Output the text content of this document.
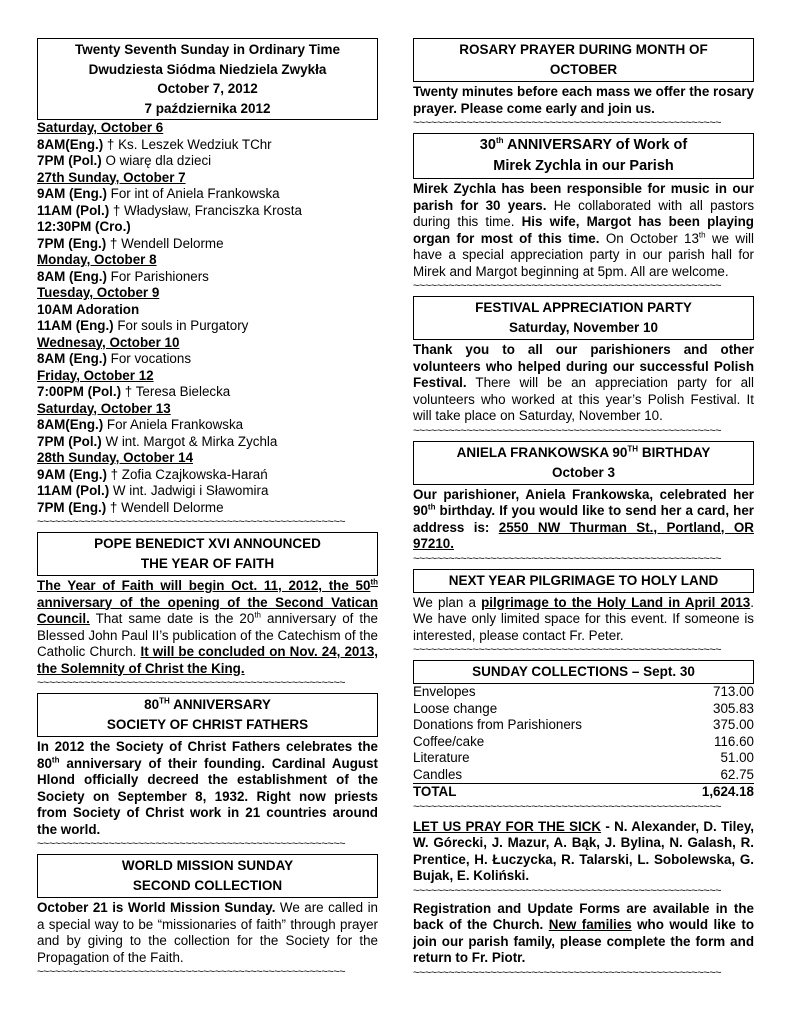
Twenty Seventh Sunday in Ordinary Time
Dwudziesta Siódma Niedziela Zwykła
October 7, 2012
7 października 2012
Saturday, October 6
8AM(Eng.) † Ks. Leszek Wedziuk TChr
7PM (Pol.) O wiarę dla dzieci
27th Sunday, October 7
9AM (Eng.) For int of Aniela Frankowska
11AM (Pol.) † Władysław, Franciszka Krosta
12:30PM (Cro.)
7PM (Eng.) † Wendell Delorme
Monday, October 8
8AM (Eng.) For Parishioners
Tuesday, October 9
10AM Adoration
11AM (Eng.) For souls in Purgatory
Wednesay, October 10
8AM (Eng.) For vocations
Friday, October 12
7:00PM (Pol.) † Teresa Bielecka
Saturday, October 13
8AM(Eng.) For Aniela Frankowska
7PM (Pol.) W int. Margot & Mirka Zychla
28th Sunday, October 14
9AM (Eng.) † Zofia Czajkowska-Harań
11AM (Pol.) W int. Jadwigi i Sławomira
7PM (Eng.) † Wendell Delorme
~~~~~~~~~~~~~~~~~~~~~~~~~~~~~~~~~~~~~~~~~~~~~~~~~~~~
POPE BENEDICT XVI ANNOUNCED
THE YEAR OF FAITH
The Year of Faith will begin Oct. 11, 2012, the 50th anniversary of the opening of the Second Vatican Council. That same date is the 20th anniversary of the Blessed John Paul II’s publication of the Catechism of the Catholic Church. It will be concluded on Nov. 24, 2013, the Solemnity of Christ the King.
~~~~~~~~~~~~~~~~~~~~~~~~~~~~~~~~~~~~~~~~~~~~~~~~~~~~
80TH ANNIVERSARY
SOCIETY OF CHRIST FATHERS
In 2012 the Society of Christ Fathers celebrates the 80th anniversary of their founding. Cardinal August Hlond officially decreed the establishment of the Society on September 8, 1932. Right now priests from Society of Christ work in 21 countries around the world.
~~~~~~~~~~~~~~~~~~~~~~~~~~~~~~~~~~~~~~~~~~~~~~~~~~~~
WORLD MISSION SUNDAY
SECOND COLLECTION
October 21 is World Mission Sunday. We are called in a special way to be “missionaries of faith” through prayer and by giving to the collection for the Society for the Propagation of the Faith.
~~~~~~~~~~~~~~~~~~~~~~~~~~~~~~~~~~~~~~~~~~~~~~~~~~~~
ROSARY PRAYER DURING MONTH OF
OCTOBER
Twenty minutes before each mass we offer the rosary prayer. Please come early and join us.
~~~~~~~~~~~~~~~~~~~~~~~~~~~~~~~~~~~~~~~~~~~~~~~~~~~~
30th ANNIVERSARY of Work of
Mirek Zychla in our Parish
Mirek Zychla has been responsible for music in our parish for 30 years. He collaborated with all pastors during this time. His wife, Margot has been playing organ for most of this time. On October 13th we will have a special appreciation party in our parish hall for Mirek and Margot beginning at 5pm. All are welcome.
~~~~~~~~~~~~~~~~~~~~~~~~~~~~~~~~~~~~~~~~~~~~~~~~~~~~
FESTIVAL APPRECIATION PARTY
Saturday, November 10
Thank you to all our parishioners and other volunteers who helped during our successful Polish Festival. There will be an appreciation party for all volunteers who worked at this year’s Polish Festival. It will take place on Saturday, November 10.
~~~~~~~~~~~~~~~~~~~~~~~~~~~~~~~~~~~~~~~~~~~~~~~~~~~~
ANIELA FRANKOWSKA 90TH BIRTHDAY
October 3
Our parishioner, Aniela Frankowska, celebrated her 90th birthday. If you would like to send her a card, her address is: 2550 NW Thurman St., Portland, OR 97210.
~~~~~~~~~~~~~~~~~~~~~~~~~~~~~~~~~~~~~~~~~~~~~~~~~~~~
NEXT YEAR PILGRIMAGE TO HOLY LAND
We plan a pilgrimage to the Holy Land in April 2013. We have only limited space for this event. If someone is interested, please contact Fr. Peter.
~~~~~~~~~~~~~~~~~~~~~~~~~~~~~~~~~~~~~~~~~~~~~~~~~~~~
SUNDAY COLLECTIONS – Sept. 30
Envelopes	713.00
Loose change	305.83
Donations from Parishioners	375.00
Coffee/cake	116.60
Literature	51.00
Candles	62.75
TOTAL	1,624.18
~~~~~~~~~~~~~~~~~~~~~~~~~~~~~~~~~~~~~~~~~~~~~~~~~~~~
LET US PRAY FOR THE SICK - N. Alexander, D. Tiley, W. Górecki, J. Mazur, A. Bąk, J. Bylina, N. Galash, R. Prentice, H. Łuczycka, R. Talarski, L. Sobolewska, G. Bujak, E. Koliński.
~~~~~~~~~~~~~~~~~~~~~~~~~~~~~~~~~~~~~~~~~~~~~~~~~~~~
Registration and Update Forms are available in the back of the Church. New families who would like to join our parish family, please complete the form and return to Fr. Piotr.
~~~~~~~~~~~~~~~~~~~~~~~~~~~~~~~~~~~~~~~~~~~~~~~~~~~~
